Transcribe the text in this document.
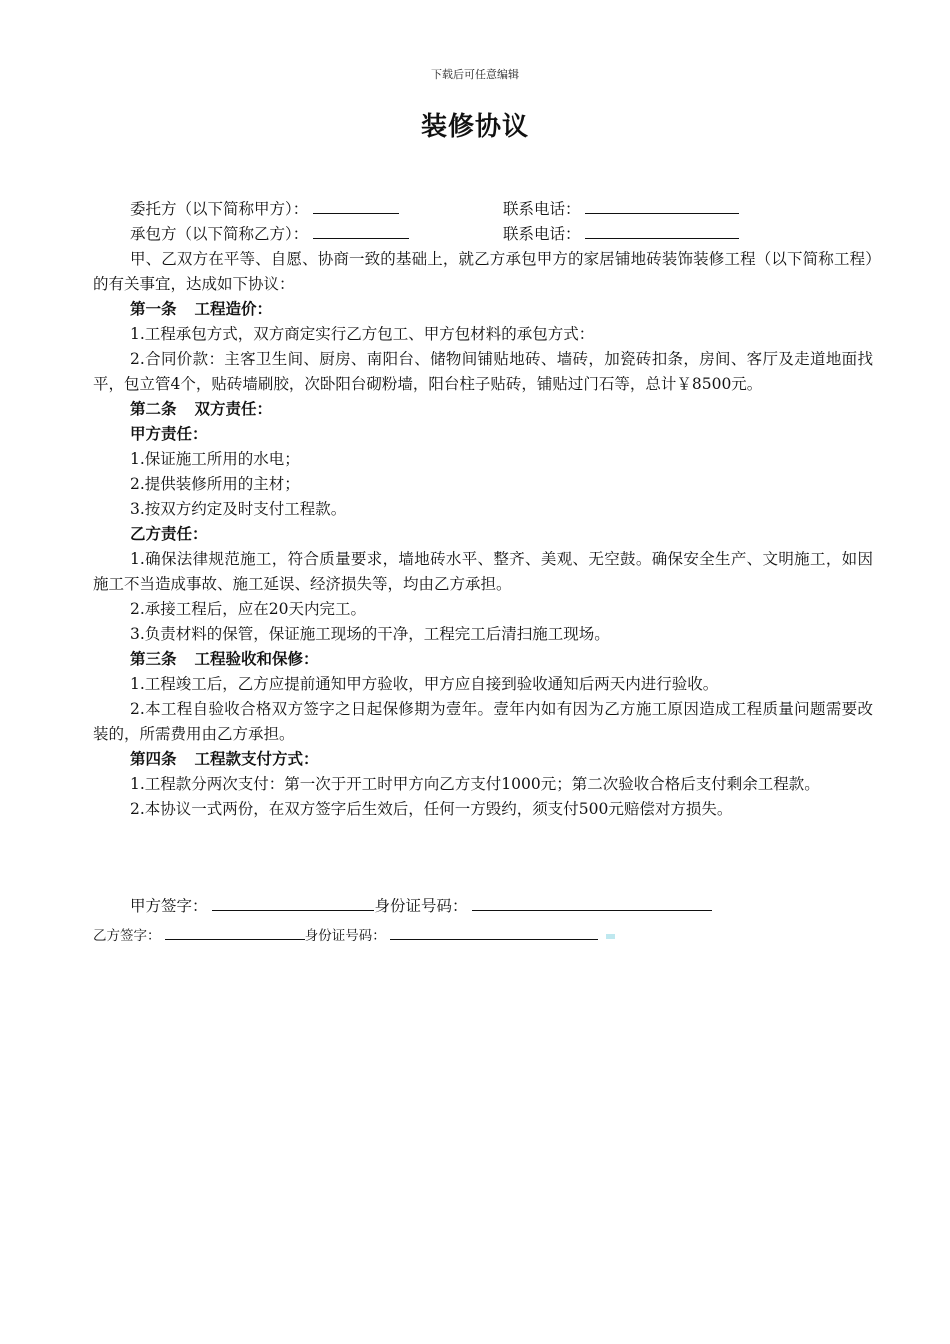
下载后可任意编辑
装修协议
委托方（以下简称甲方）：	联系电话：
承包方（以下简称乙方）：	联系电话：
甲、乙双方在平等、自愿、协商一致的基础上，就乙方承包甲方的家居铺地砖装饰装修工程（以下简称工程）的有关事宜，达成如下协议：
第一条 工程造价：
1.工程承包方式，双方商定实行乙方包工、甲方包材料的承包方式：
2.合同价款：主客卫生间、厨房、南阳台、储物间铺贴地砖、墙砖，加瓷砖扣条，房间、客厅及走道地面找平，包立管4个，贴砖墙刷胶，次卧阳台砌粉墙，阳台柱子贴砖，铺贴过门石等，总计￥8500元。
第二条 双方责任：
甲方责任：
1.保证施工所用的水电；
2.提供装修所用的主材；
3.按双方约定及时支付工程款。
乙方责任：
1.确保法律规范施工，符合质量要求，墙地砖水平、整齐、美观、无空鼓。确保安全生产、文明施工，如因施工不当造成事故、施工延误、经济损失等，均由乙方承担。
2.承接工程后，应在20天内完工。
3.负责材料的保管，保证施工现场的干净，工程完工后清扫施工现场。
第三条 工程验收和保修：
1.工程竣工后，乙方应提前通知甲方验收，甲方应自接到验收通知后两天内进行验收。
2.本工程自验收合格双方签字之日起保修期为壹年。壹年内如有因为乙方施工原因造成工程质量问题需要改装的，所需费用由乙方承担。
第四条 工程款支付方式：
1.工程款分两次支付：第一次于开工时甲方向乙方支付1000元；第二次验收合格后支付剩余工程款。
2.本协议一式两份，在双方签字后生效后，任何一方毁约，须支付500元赔偿对方损失。
甲方签字：	身份证号码：
乙方签字：	身份证号码：
